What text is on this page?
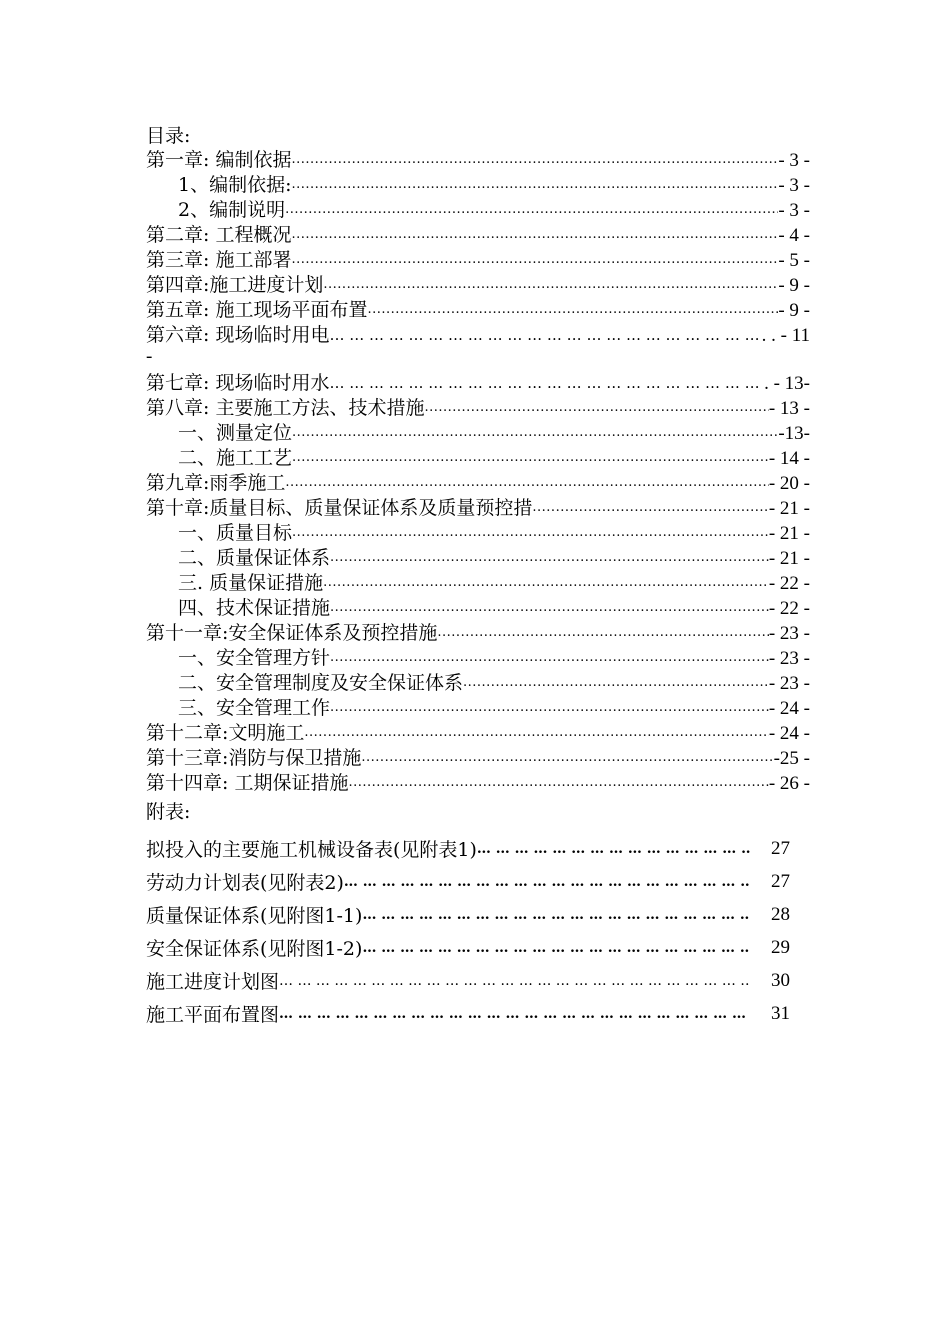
目录:
第一章: 编制依据 .....	- 3 -
1、编制依据: .....	- 3 -
2、编制说明 .....	- 3 -
第二章: 工程概况 .....	- 4 -
第三章: 施工部署 .....	- 5 -
第四章:施工进度计划 .....	- 9 -
第五章: 施工现场平面布置 .....	- 9 -
第六章: 现场临时用电 … … … … … … … … … … … … … … … … … … … … … … … … … … … … … … … … … … … … … …	. . - 11
-
第七章: 现场临时用水 … … … … … … … … … … … … … … … … … … … … … … … … … … … … … … … … … … … … … …	. - 13-
第八章: 主要施工方法、技术措施 .....	- 13 -
一、测量定位 .....	-13-
二、施工工艺 .....	- 14 -
第九章:雨季施工 .....	- 20 -
第十章:质量目标、质量保证体系及质量预控措 .....	- 21 -
一、质量目标 .....	- 21 -
二、质量保证体系 .....	- 21 -
三. 质量保证措施 .....	- 22 -
四、技术保证措施 .....	- 22 -
第十一章:安全保证体系及预控措施 .....	- 23 -
一、安全管理方针 .....	- 23 -
二、安全管理制度及安全保证体系 .....	- 23 -
三、安全管理工作 .....	- 24 -
第十二章:文明施工 .....	- 24 -
第十三章:消防与保卫措施 .....	-25 -
第十四章: 工期保证措施 .....	- 26 -
附表:
拟投入的主要施工机械设备表(见附表1) … … … … … … … … … … … … … … … … … … … … … … … … … … … … … … … … … …	27
劳动力计划表(见附表2) … … … … … … … … … … … … … … … … … … … … … … … … … … … … … … … … … …	27
质量保证体系(见附图1-1) … … … … … … … … … … … … … … … … … … … … … … … … … … … … … … … … … …	28
安全保证体系(见附图1-2) … … … … … … … … … … … … … … … … … … … … … … … … … … … … … … … … … …	29
施工进度计划图 … … … … … … … … … … … … … … … … … … … … … … … … … … … … … … … … … …	30
施工平面布置图 … … … … … … … … … … … … … … … … … … … … … … … … … … … … … … … … … …	31
